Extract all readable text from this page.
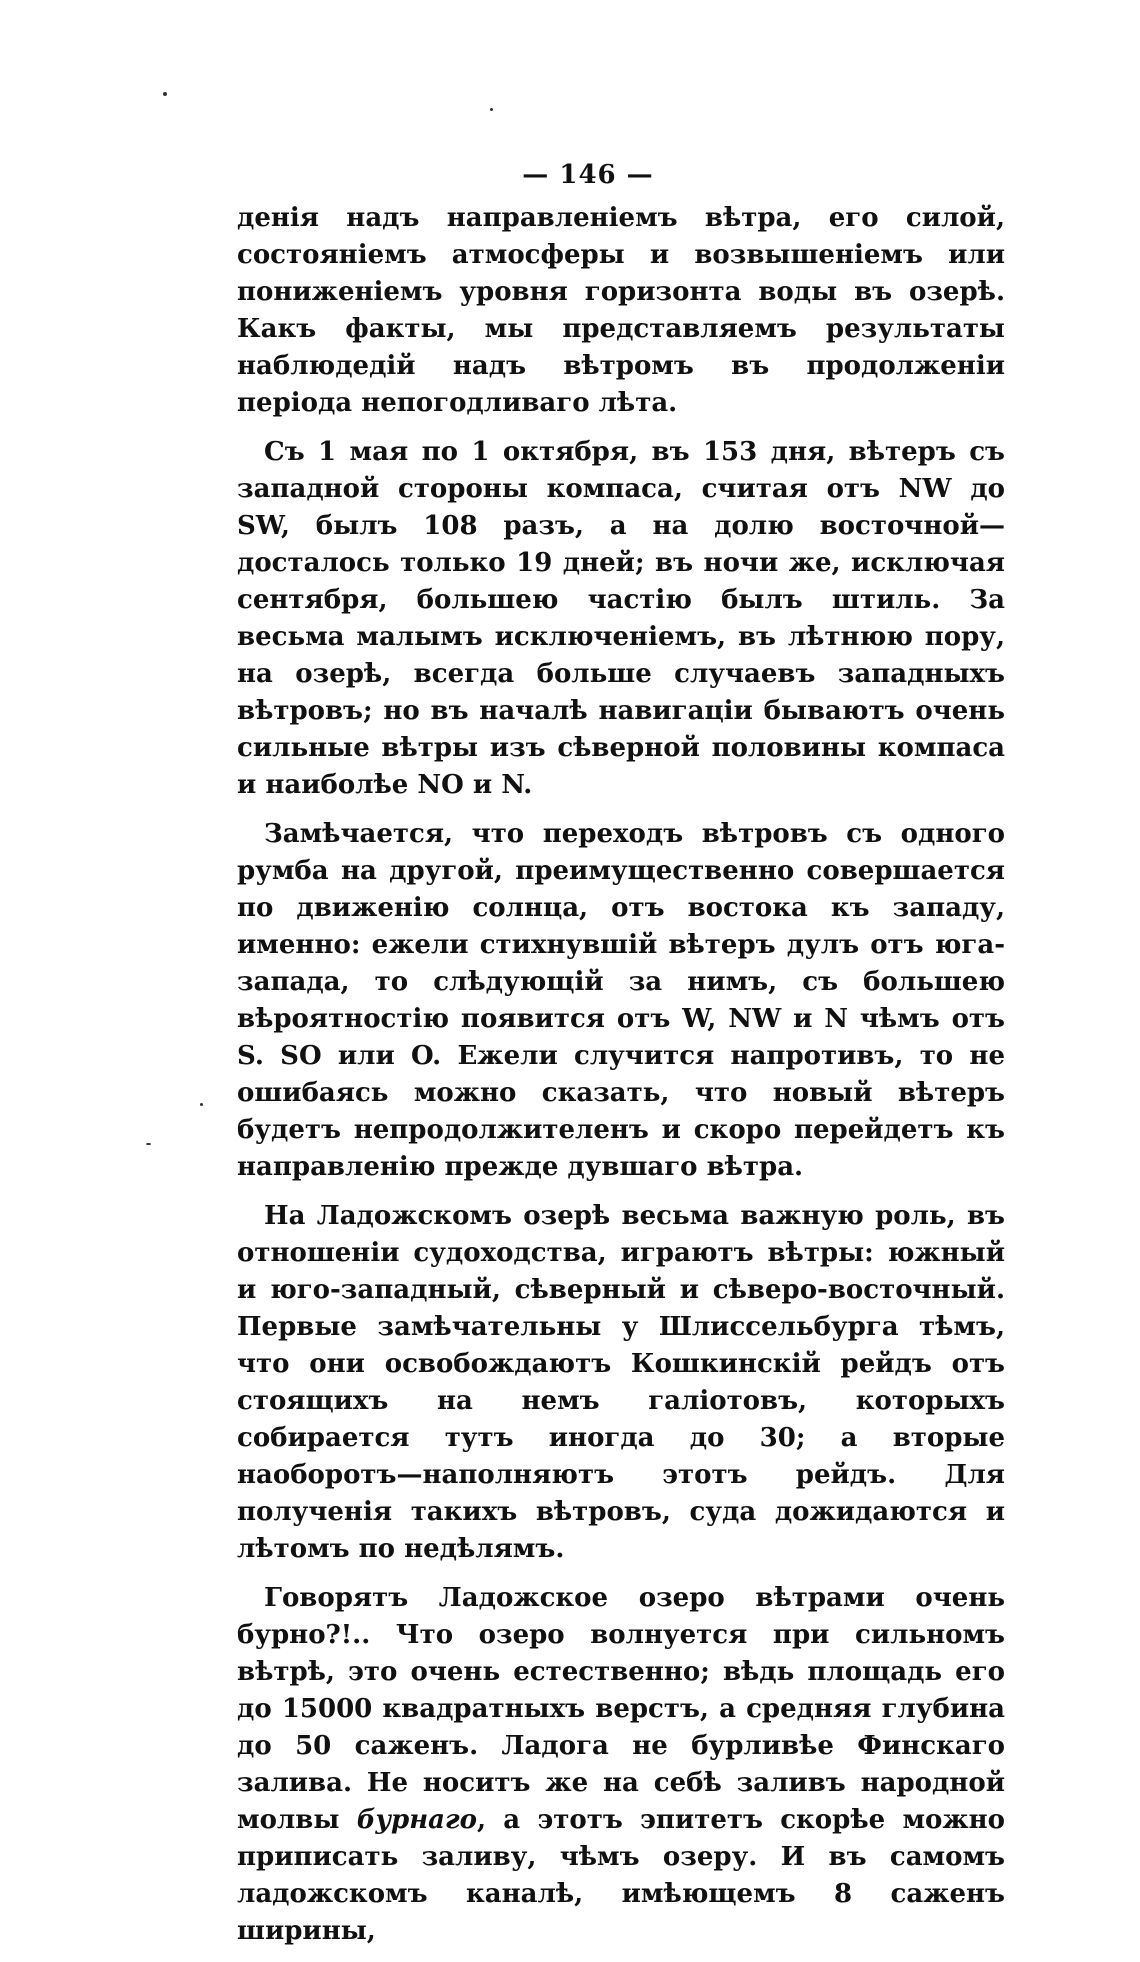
— 146 —

денія надъ направленіемъ вѣтра, его силой, состояніемъ атмосферы и возвышеніемъ или пониженіемъ уровня горизонта воды въ озерѣ. Какъ факты, мы представляемъ результаты наблюдедій надъ вѣтромъ въ продолженіи періода непогодливаго лѣта.

Съ 1 мая по 1 октября, въ 153 дня, вѣтеръ съ западной стороны компаса, считая отъ NW до SW, былъ 108 разъ, а на долю восточной—досталось только 19 дней; въ ночи же, исключая сентября, большею частію былъ штиль. За весьма малымъ исключеніемъ, въ лѣтнюю пору, на озерѣ, всегда больше случаевъ западныхъ вѣтровъ; но въ началѣ навигаціи бываютъ очень сильные вѣтры изъ сѣверной половины компаса и наиболѣе NO и N.

Замѣчается, что переходъ вѣтровъ съ одного румба на другой, преимущественно совершается по движенію солнца, отъ востока къ западу, именно: ежели стихнувшій вѣтеръ дулъ отъ юга-запада, то слѣдующій за нимъ, съ большею вѣроятностію появится отъ W, NW и N чѣмъ отъ S. SO или O. Ежели случится напротивъ, то не ошибаясь можно сказать, что новый вѣтеръ будетъ непродолжителенъ и скоро перейдетъ къ направленію прежде дувшаго вѣтра.

На Ладожскомъ озерѣ весьма важную роль, въ отношеніи судоходства, играютъ вѣтры: южный и юго-западный, сѣверный и сѣверо-восточный. Первые замѣчательны у Шлиссельбурга тѣмъ, что они освобождаютъ Кошкинскій рейдъ отъ стоящихъ на немъ галіотовъ, которыхъ собирается тутъ иногда до 30; а вторые наоборотъ—наполняютъ этотъ рейдъ. Для полученія такихъ вѣтровъ, суда дожидаются и лѣтомъ по недѣлямъ.

Говорятъ Ладожское озеро вѣтрами очень бурно?!.. Что озеро волнуется при сильномъ вѣтрѣ, это очень естественно; вѣдь площадь его до 15000 квадратныхъ верстъ, а средняя глубина до 50 саженъ. Ладога не бурливѣе Финскаго залива. Не носитъ же на себѣ заливъ народной молвы бурнаго, а этотъ эпитетъ скорѣе можно приписать заливу, чѣмъ озеру. И въ самомъ ладожскомъ каналѣ, имѣющемъ 8 саженъ ширины,
